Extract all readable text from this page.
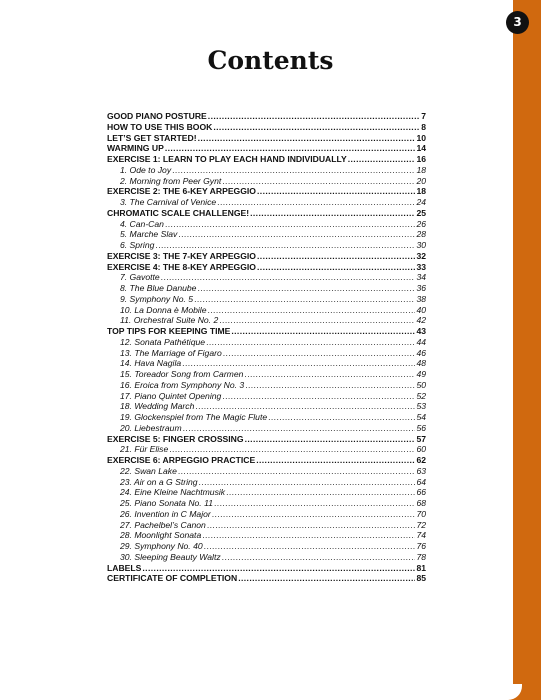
3
Contents
GOOD PIANO POSTURE .....	7
HOW TO USE THIS BOOK .....	8
LET’S GET STARTED! .....	10
WARMING UP .....	14
EXERCISE 1: LEARN TO PLAY EACH HAND INDIVIDUALLY .....	16
1. Ode to Joy .....	18
2. Morning from Peer Gynt .....	20
EXERCISE 2: THE 6-KEY ARPEGGIO .....	18
3. The Carnival of Venice .....	24
CHROMATIC SCALE CHALLENGE! .....	25
4. Can-Can .....	26
5. Marche Slav .....	28
6. Spring .....	30
EXERCISE 3: THE 7-KEY ARPEGGIO .....	32
EXERCISE 4: THE 8-KEY ARPEGGIO .....	33
7. Gavotte .....	34
8. The Blue Danube .....	36
9. Symphony No. 5 .....	38
10. La Donna è Mobile .....	40
11. Orchestral Suite No. 2 .....	42
TOP TIPS FOR KEEPING TIME .....	43
12. Sonata Pathétique .....	44
13. The Marriage of Figaro .....	46
14. Hava Nagila .....	48
15. Toreador Song from Carmen .....	49
16. Eroica from Symphony No. 3 .....	50
17. Piano Quintet Opening .....	52
18. Wedding March .....	53
19. Glockenspiel from The Magic Flute .....	54
20. Liebestraum .....	56
EXERCISE 5: FINGER CROSSING .....	57
21. Für Elise .....	60
EXERCISE 6: ARPEGGIO PRACTICE .....	62
22. Swan Lake .....	63
23. Air on a G String .....	64
24. Eine Kleine Nachtmusik .....	66
25. Piano Sonata No. 11 .....	68
26. Invention in C Major .....	70
27. Pachelbel’s Canon .....	72
28. Moonlight Sonata .....	74
29. Symphony No. 40 .....	76
30. Sleeping Beauty Waltz .....	78
LABELS .....	81
CERTIFICATE OF COMPLETION .....	85
